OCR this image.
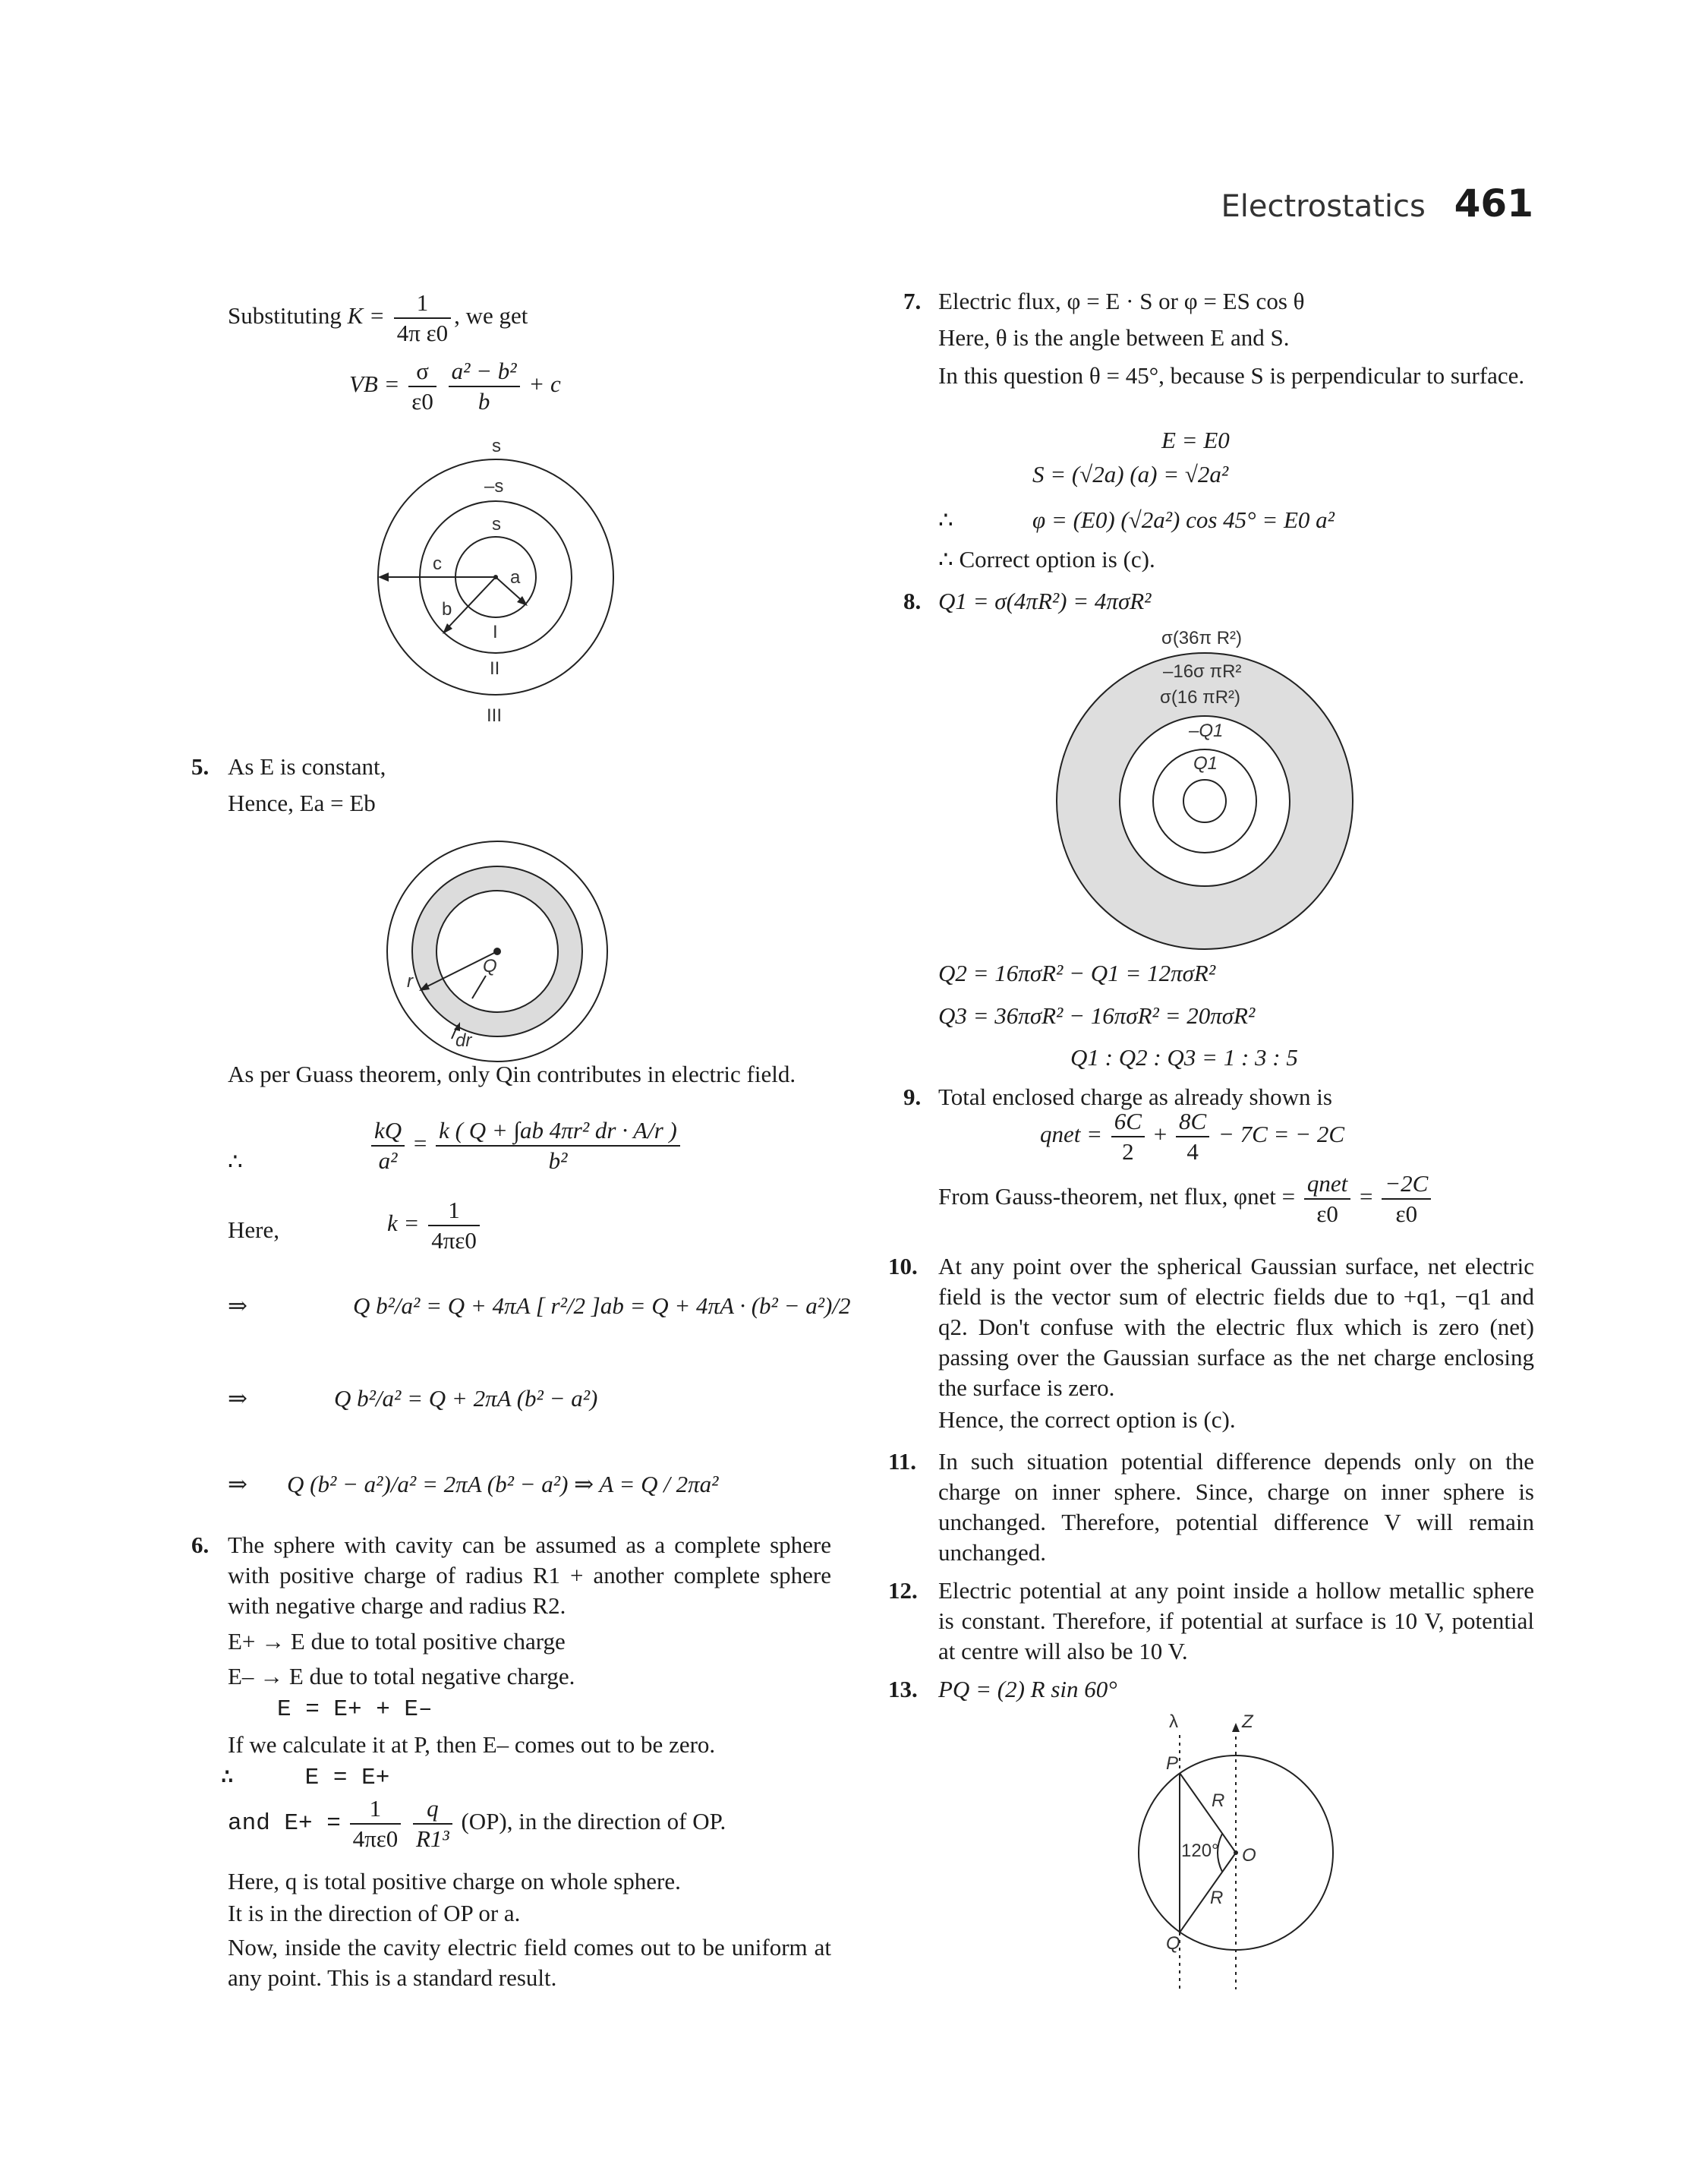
Electrostatics 461
Substituting $K = \frac{1}{\text{4π ε0}}$ , we get
VB = $\frac{\sigma}{\varepsilon 0}$
$\frac{\text{a² − b²}}{b} + c$
s
–s
s
c
a
b
I
II
III
5. As E is constant,
Hence, Ea = Eb
Q
r
dr
As per Guass theorem, only Qin contributes in electric field.
∴	$\frac{kQ}{\text{a²}} = \frac{\text{k ( Q + ∫ab 4πr² dr · A/r )}}{\text{b²}}$
Here,	$k = \frac{1}{4\pi\varepsilon 0}$
⇒	Q b²/a² = Q + 4πA [ r²/2 ]ab = Q + 4πA · (b² − a²)/2
⇒	Q b²/a² = Q + 2πA (b² − a²)
⇒ Q (b² − a²)/a² = 2πA (b² − a²) ⇒ A = Q / 2πa²
6. The sphere with cavity can be assumed as a complete sphere with positive charge of radius R1 + another complete sphere with negative charge and radius R2.
E+ → E due to total positive charge
E– → E due to total negative charge.
E = E+ + E–
If we calculate it at P, then E– comes out to be zero.
∴     E = E+
and $E+ = \frac{1}{4\pi\varepsilon 0}$
$\frac{q}{\text{R1³}} (OP)$, in the direction of OP.
Here, q is total positive charge on whole sphere.
It is in the direction of OP or a.
Now, inside the cavity electric field comes out to be uniform at any point. This is a standard result.
7. Electric flux, φ = E · S or φ = ES cos θ
Here, θ is the angle between E and S.
In this question θ = 45°, because S is perpendicular to surface.
E = E0
S = (√2a) (a) = √2a²
∴	φ = (E0) (√2a²) cos 45° = E0 a²
∴ Correct option is (c).
8. Q1 = σ(4πR²) = 4πσR²
σ(36π R²)
–16σ πR²
σ(16 πR²)
–Q1
Q1
Q2 = 16πσR² − Q1 = 12πσR²
Q3 = 36πσR² − 16πσR² = 20πσR²
Q1 : Q2 : Q3 = 1 : 3 : 5
9. Total enclosed charge as already shown is
qnet = $\frac{6C}{2} + \frac{8C}{4} - 7C$ = − 2C
From Gauss-theorem, net flux, φnet = qnet
ε0
= $\frac{-2C}{\varepsilon 0}$
10. At any point over the spherical Gaussian surface, net electric field is the vector sum of electric fields due to +q1, −q1 and q2. Don't confuse with the electric flux which is zero (net) passing over the Gaussian surface as the net charge enclosing the surface is zero.
Hence, the correct option is (c).
11. In such situation potential difference depends only on the charge on inner sphere. Since, charge on inner sphere is unchanged. Therefore, potential difference V will remain unchanged.
12. Electric potential at any point inside a hollow metallic sphere is constant. Therefore, if potential at surface is 10 V, potential at centre will also be 10 V.
13. PQ = (2) R sin 60°
λ	Z
P
R
120° O
R
Q
